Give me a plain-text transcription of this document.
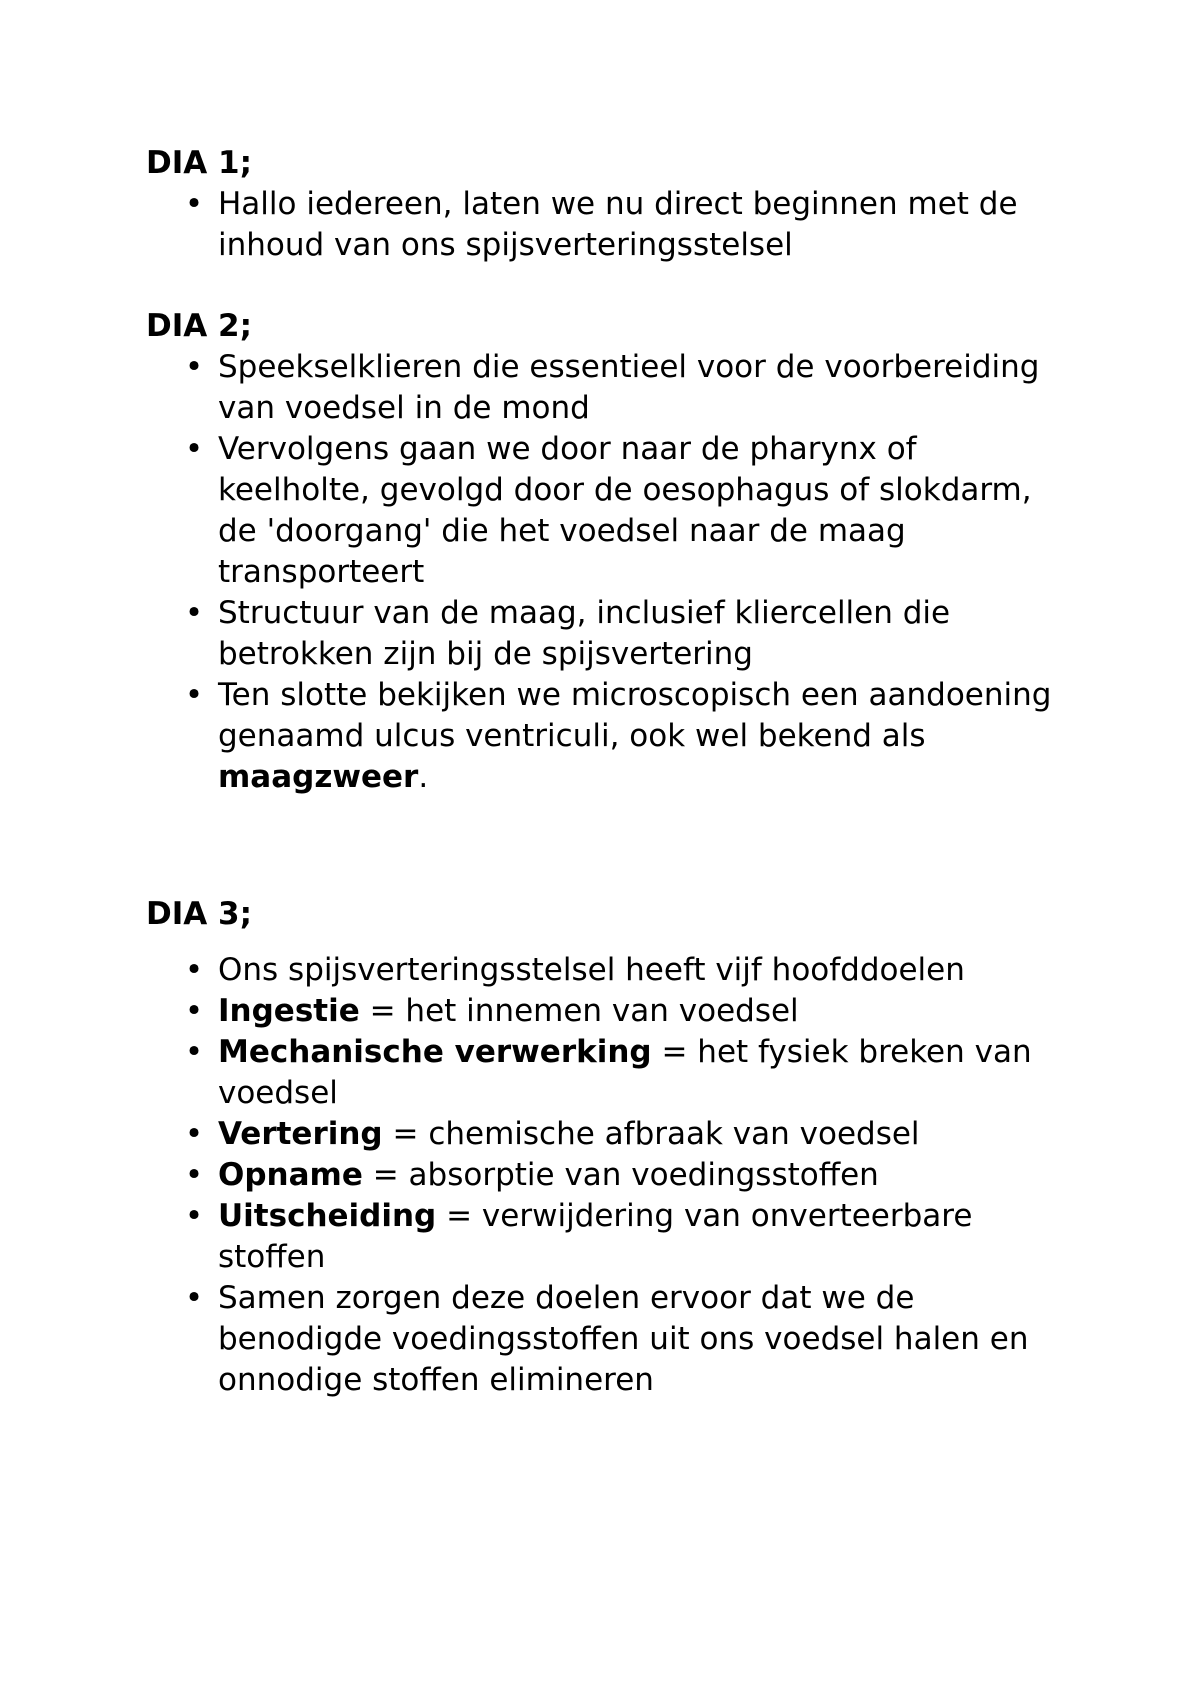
DIA 1;
• Hallo iedereen, laten we nu direct beginnen met de inhoud van ons spijsverteringsstelsel
DIA 2;
• Speekselklieren die essentieel voor de voorbereiding van voedsel in de mond
• Vervolgens gaan we door naar de pharynx of keelholte, gevolgd door de oesophagus of slokdarm, de 'doorgang' die het voedsel naar de maag transporteert
• Structuur van de maag, inclusief kliercellen die betrokken zijn bij de spijsvertering
• Ten slotte bekijken we microscopisch een aandoening genaamd ulcus ventriculi, ook wel bekend als maagzweer.
DIA 3;
• Ons spijsverteringsstelsel heeft vijf hoofddoelen
• Ingestie = het innemen van voedsel
• Mechanische verwerking = het fysiek breken van voedsel
• Vertering = chemische afbraak van voedsel
• Opname = absorptie van voedingsstoffen
• Uitscheiding = verwijdering van onverteerbare stoffen
• Samen zorgen deze doelen ervoor dat we de benodigde voedingsstoffen uit ons voedsel halen en onnodige stoffen elimineren
